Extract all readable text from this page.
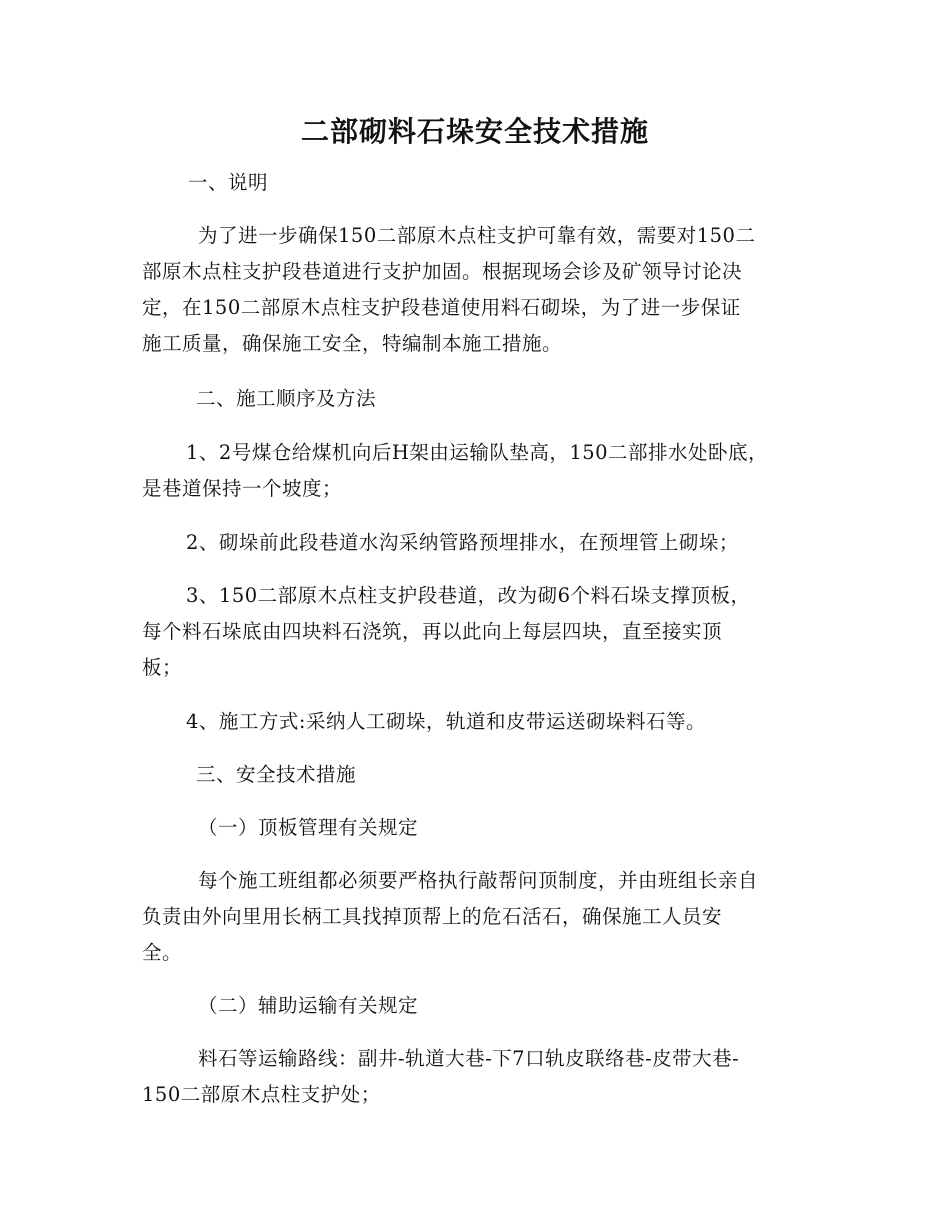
二部砌料石垛安全技术措施
一、说明
为了进一步确保150二部原木点柱支护可靠有效，需要对150二
部原木点柱支护段巷道进行支护加固。根据现场会诊及矿领导讨论决
定，在150二部原木点柱支护段巷道使用料石砌垛，为了进一步保证
施工质量，确保施工安全，特编制本施工措施。
二、施工顺序及方法
1、2号煤仓给煤机向后H架由运输队垫高，150二部排水处卧底，
是巷道保持一个坡度；
2、砌垛前此段巷道水沟采纳管路预埋排水，在预埋管上砌垛；
3、150二部原木点柱支护段巷道，改为砌6个料石垛支撑顶板，
每个料石垛底由四块料石浇筑，再以此向上每层四块，直至接实顶
板；
4、施工方式:采纳人工砌垛，轨道和皮带运送砌垛料石等。
三、安全技术措施
（一）顶板管理有关规定
每个施工班组都必须要严格执行敲帮问顶制度，并由班组长亲自
负责由外向里用长柄工具找掉顶帮上的危石活石，确保施工人员安
全。
（二）辅助运输有关规定
料石等运输路线：副井-轨道大巷-下7口轨皮联络巷-皮带大巷-
150二部原木点柱支护处；
